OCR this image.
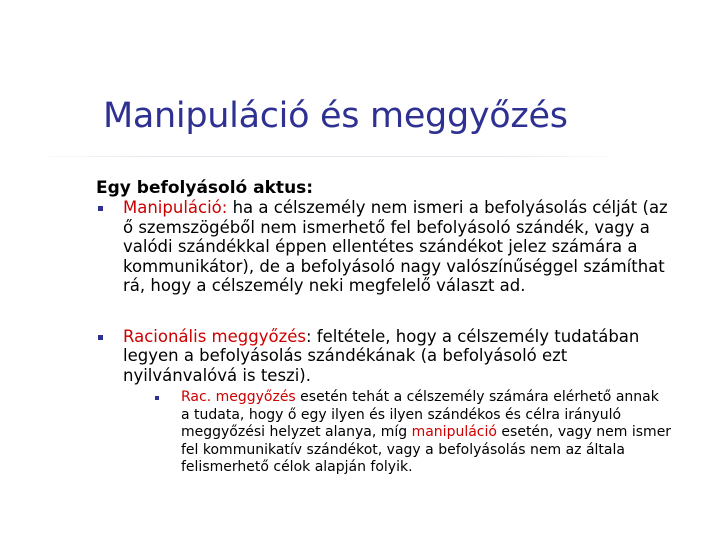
Manipuláció és meggyőzés

Egy befolyásoló aktus:

Manipuláció: ha a célszemély nem ismeri a befolyásolás célját (az
ő szemszögéből nem ismerhető fel befolyásoló szándék, vagy a
valódi szándékkal éppen ellentétes szándékot jelez számára a
kommunikátor), de a befolyásoló nagy valószínűséggel számíthat
rá, hogy a célszemély neki megfelelő választ ad.
Racionális meggyőzés: feltétele, hogy a célszemély tudatában
legyen a befolyásolás szándékának (a befolyásoló ezt
nyilvánvalóvá is teszi).
Rac. meggyőzés esetén tehát a célszemély számára elérhető annak
a tudata, hogy ő egy ilyen és ilyen szándékos és célra irányuló
meggyőzési helyzet alanya, míg manipuláció esetén, vagy nem ismer
fel kommunikatív szándékot, vagy a befolyásolás nem az általa
felismerhető célok alapján folyik.
